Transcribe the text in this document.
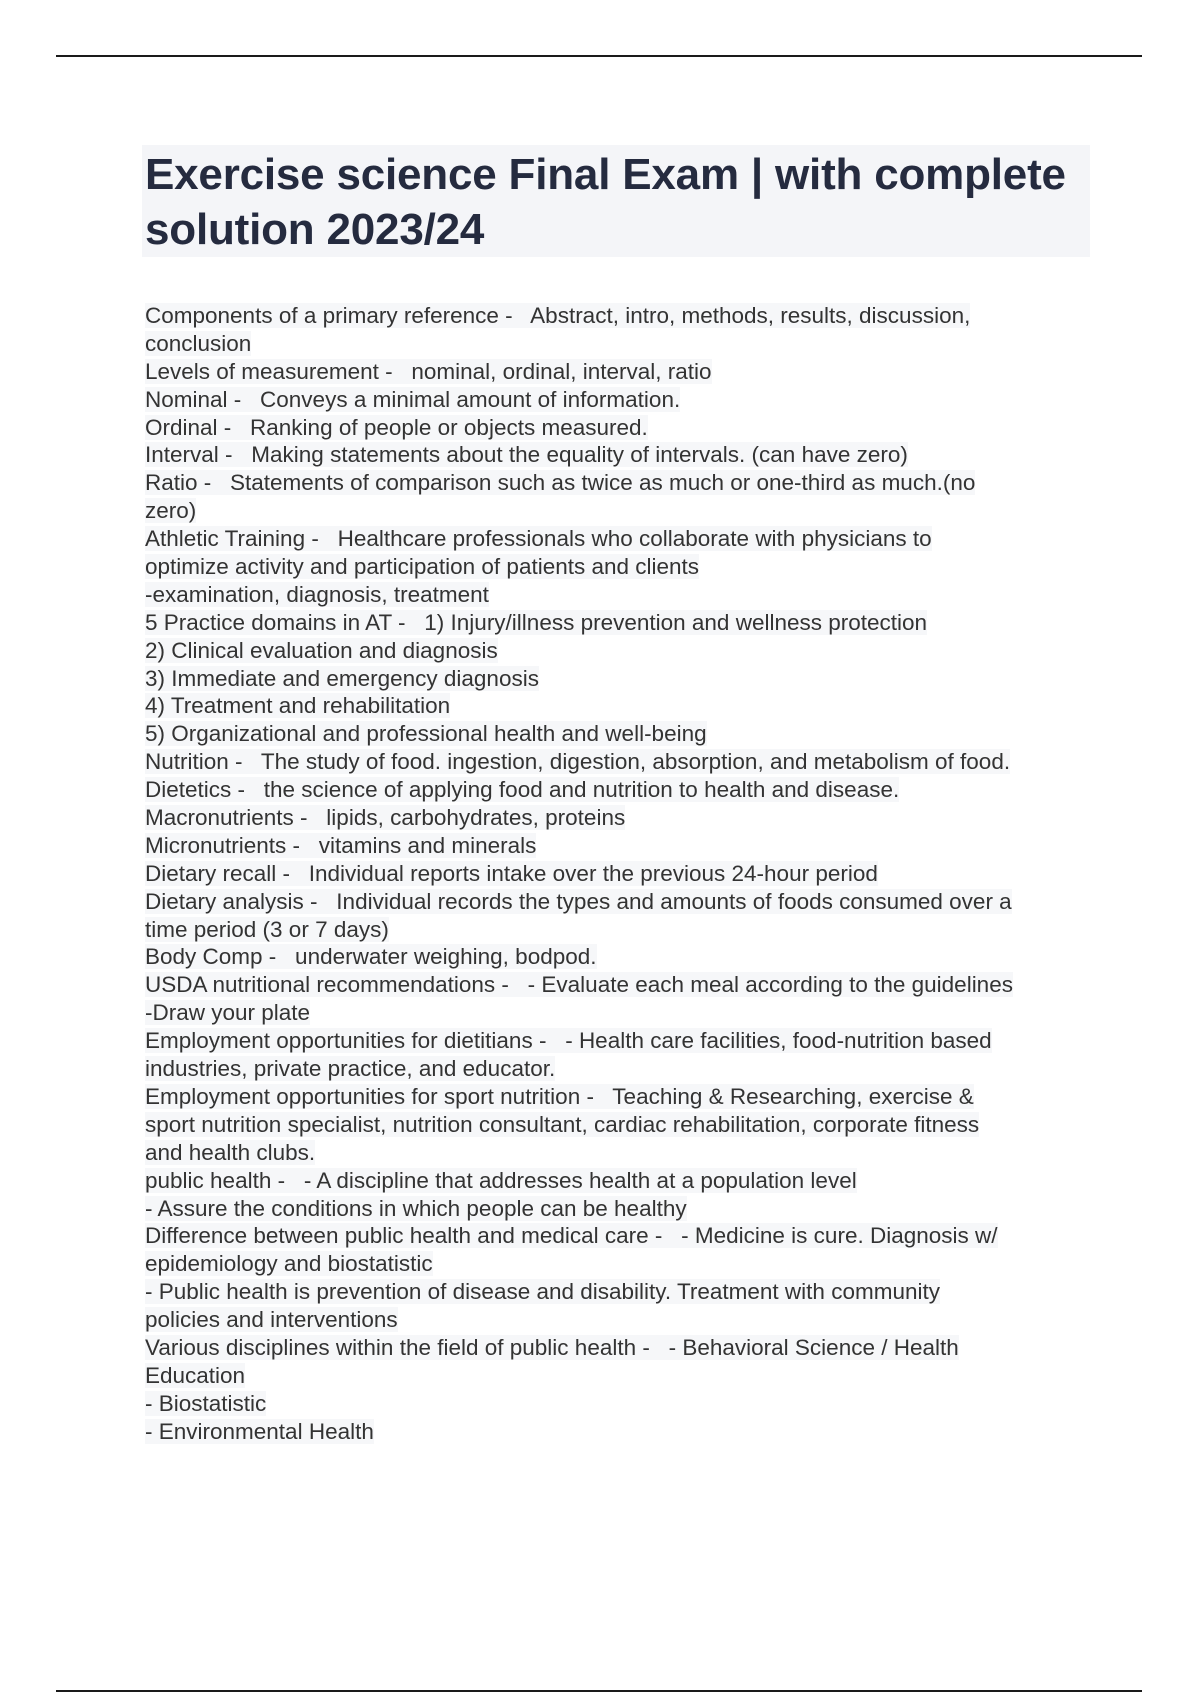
Exercise science Final Exam | with complete solution 2023/24
Components of a primary reference -   Abstract, intro, methods, results, discussion,
conclusion
Levels of measurement -   nominal, ordinal, interval, ratio
Nominal -   Conveys a minimal amount of information.
Ordinal -   Ranking of people or objects measured.
Interval -   Making statements about the equality of intervals. (can have zero)
Ratio -   Statements of comparison such as twice as much or one-third as much.(no
zero)
Athletic Training -   Healthcare professionals who collaborate with physicians to
optimize activity and participation of patients and clients
-examination, diagnosis, treatment
5 Practice domains in AT -   1) Injury/illness prevention and wellness protection
2) Clinical evaluation and diagnosis
3) Immediate and emergency diagnosis
4) Treatment and rehabilitation
5) Organizational and professional health and well-being
Nutrition -   The study of food. ingestion, digestion, absorption, and metabolism of food.
Dietetics -   the science of applying food and nutrition to health and disease.
Macronutrients -   lipids, carbohydrates, proteins
Micronutrients -   vitamins and minerals
Dietary recall -   Individual reports intake over the previous 24-hour period
Dietary analysis -   Individual records the types and amounts of foods consumed over a
time period (3 or 7 days)
Body Comp -   underwater weighing, bodpod.
USDA nutritional recommendations -   - Evaluate each meal according to the guidelines
-Draw your plate
Employment opportunities for dietitians -   - Health care facilities, food-nutrition based
industries, private practice, and educator.
Employment opportunities for sport nutrition -   Teaching & Researching, exercise &
sport nutrition specialist, nutrition consultant, cardiac rehabilitation, corporate fitness
and health clubs.
public health -   - A discipline that addresses health at a population level
- Assure the conditions in which people can be healthy
Difference between public health and medical care -   - Medicine is cure. Diagnosis w/
epidemiology and biostatistic
- Public health is prevention of disease and disability. Treatment with community
policies and interventions
Various disciplines within the field of public health -   - Behavioral Science / Health
Education
- Biostatistic
- Environmental Health
